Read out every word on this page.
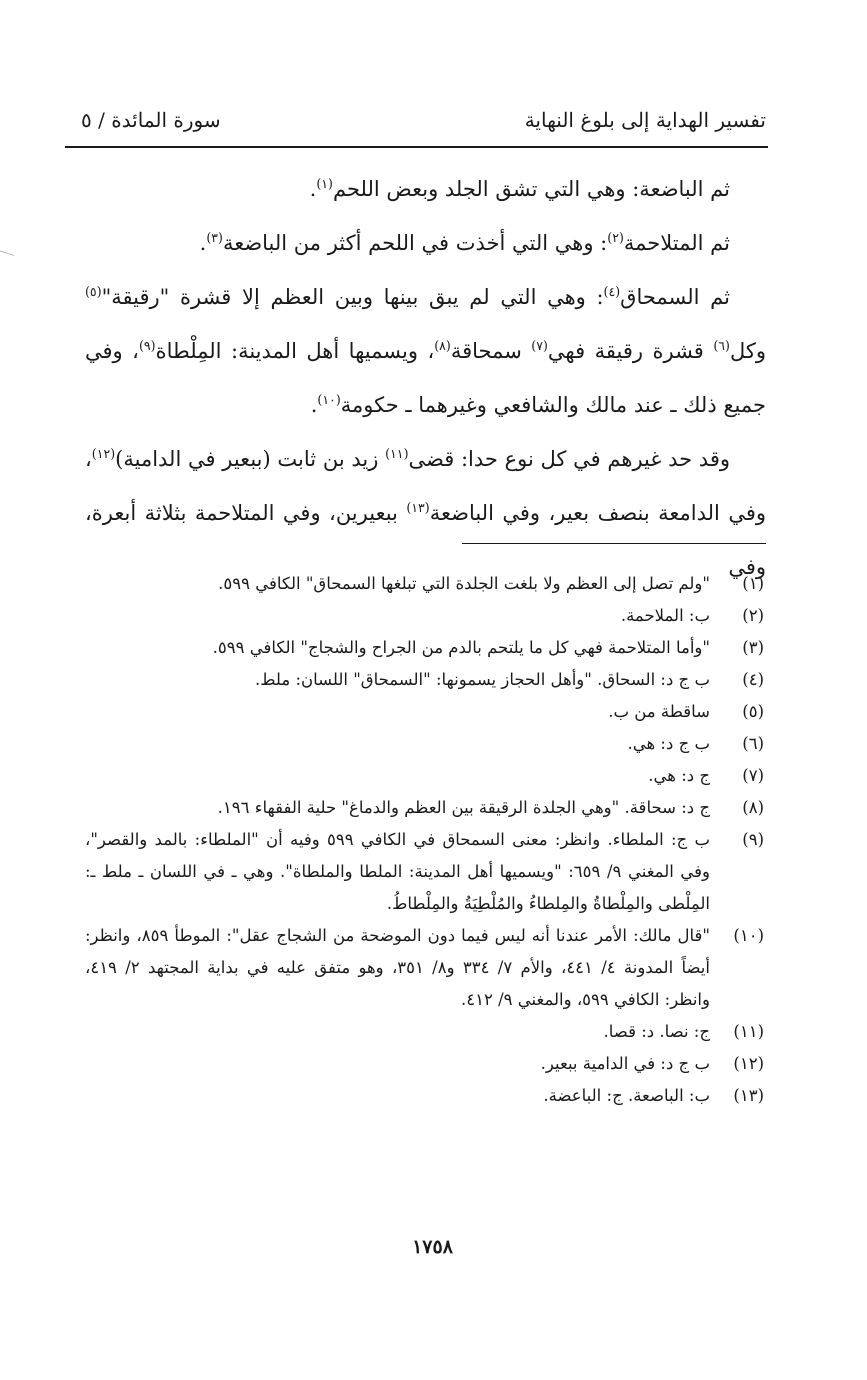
تفسير الهداية إلى بلوغ النهاية
سورة المائدة / ٥

ثم الباضعة: وهي التي تشق الجلد وبعض اللحم$^{(١)}$.

ثم المتلاحمة$^{(٢)}$: وهي التي أخذت في اللحم أكثر من الباضعة$^{(٣)}$.

ثم السمحاق$^{(٤)}$: وهي التي لم يبق بينها وبين العظم إلا قشرة "رقيقة"$^{(٥)}$ وكل$^{(٦)}$ قشرة رقيقة فهي$^{(٧)}$ سمحاقة$^{(٨)}$، ويسميها أهل المدينة: المِلْطاة$^{(٩)}$، وفي جميع ذلك ـ عند مالك والشافعي وغيرهما ـ حكومة$^{(١٠)}$.

وقد حد غيرهم في كل نوع حدا: قضى$^{(١١)}$ زيد بن ثابت (ببعير في الدامية)$^{(١٢)}$، وفي الدامعة بنصف بعير، وفي الباضعة$^{(١٣)}$ ببعيرين، وفي المتلاحمة بثلاثة أبعرة، وفي

(١)
"ولم تصل إلى العظم ولا بلغت الجلدة التي تبلغها السمحاق" الكافي ٥٩٩.
(٢)
ب: الملاحمة.
(٣)
"وأما المتلاحمة فهي كل ما يلتحم بالدم من الجراح والشجاج" الكافي ٥٩٩.
(٤)
ب ج د: السحاق. "وأهل الحجاز يسمونها: "السمحاق" اللسان: ملط.
(٥)
ساقطة من ب.
(٦)
ب ج د: هي.
(٧)
ج د: هي.
(٨)
ج د: سحاقة. "وهي الجلدة الرقيقة بين العظم والدماغ" حلية الفقهاء ١٩٦.
(٩)
ب ج: الملطاء. وانظر: معنى السمحاق في الكافي ٥٩٩ وفيه أن "الملطاء: بالمد والقصر"، وفي المغني ٩/ ٦٥٩: "ويسميها أهل المدينة: الملطا والملطاة". وهي ـ في اللسان ـ ملط ـ: المِلْطى والمِلْطاةُ والمِلطاءُ والمُلْطِيَةُ والمِلْطاطُ.
(١٠)
"قال مالك: الأمر عندنا أنه ليس فيما دون الموضحة من الشجاج عقل": الموطأ ٨٥٩، وانظر: أيضاً المدونة ٤/ ٤٤١، والأم ٧/ ٣٣٤ و٨/ ٣٥١، وهو متفق عليه في بداية المجتهد ٢/ ٤١٩، وانظر: الكافي ٥٩٩، والمغني ٩/ ٤١٢.
(١١)
ج: نصا. د: قصا.
(١٢)
ب ج د: في الدامية ببعير.
(١٣)
ب: الباصعة. ج: الباعضة.
١٧٥٨
